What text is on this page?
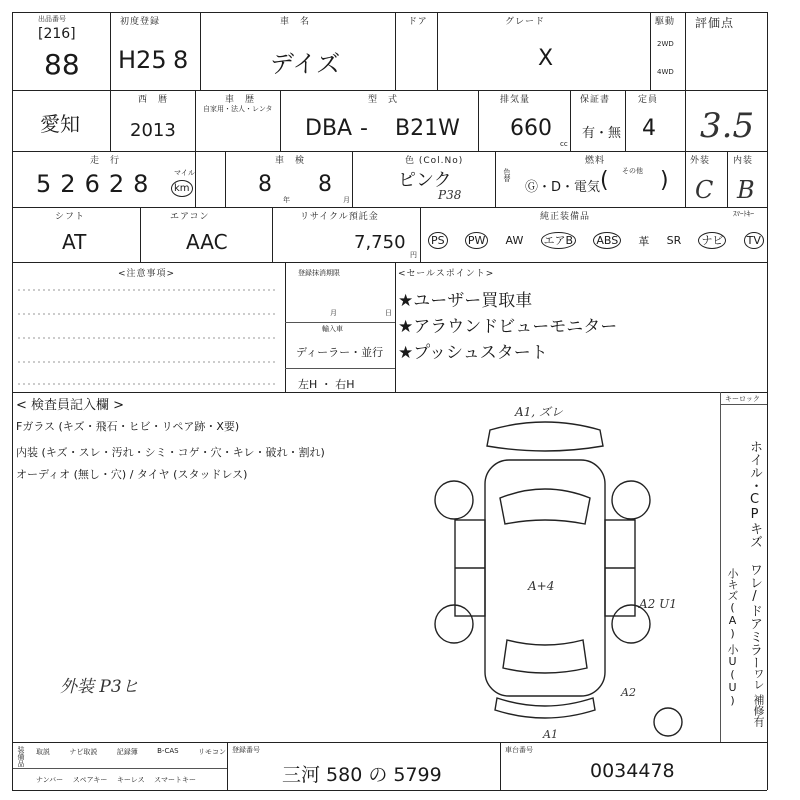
出品番号
[216]
88
初度登録
H25 8
車　名
デイズ
ドア	グレード
X
駆動
2WD
4WD
評価点
3.5
愛知
西　暦
2013
車　歴
自家用・法人・レンタ
型　式
DBA - B21W
排気量
660
cc
保証書
有・無
定員
4
走　行
5 2 6 2 8	マイル
km
車　検
8
年
8
月
色 (Col.No)
ピンク
P38
色替
燃料
Ⓖ・D・電気 ( その他 )
外装
C
内装
B
シフト
AT
エアコン
AAC
リサイクル預託金
7,750
円
純正装備品	ｽﾏｰﾄｷｰ
PS PW AW エアB ABS 革 SR ナビ TV
<注意事項>	登録抹消期限
月	日
輸入車
ディーラー・並行
左H ・ 右H
<セールスポイント>
★ユーザー買取車
★アラウンドビューモニター
★プッシュスタート
< 検査員記入欄 >
Fガラス (キズ・飛石・ヒビ・リペア跡・X要)
内装 (キズ・スレ・汚れ・シミ・コゲ・穴・キレ・破れ・割れ)
オーディオ (無し・穴) / タイヤ (スタッドレス)
外装 P3ヒ
A1, ズレ
A+4
A2 U1
A2
A1
キーロック
ホイル・CPキズ ワレ/ドアミラー
小キズ(A)
小U(U) ワレ
補修有
装備品 取説	ナビ取説	記録簿	B-CAS	リモコン
ナンバー スペアキー キーレス スマートキー
登録番号
三河 580 の 5799
車台番号
0034478
